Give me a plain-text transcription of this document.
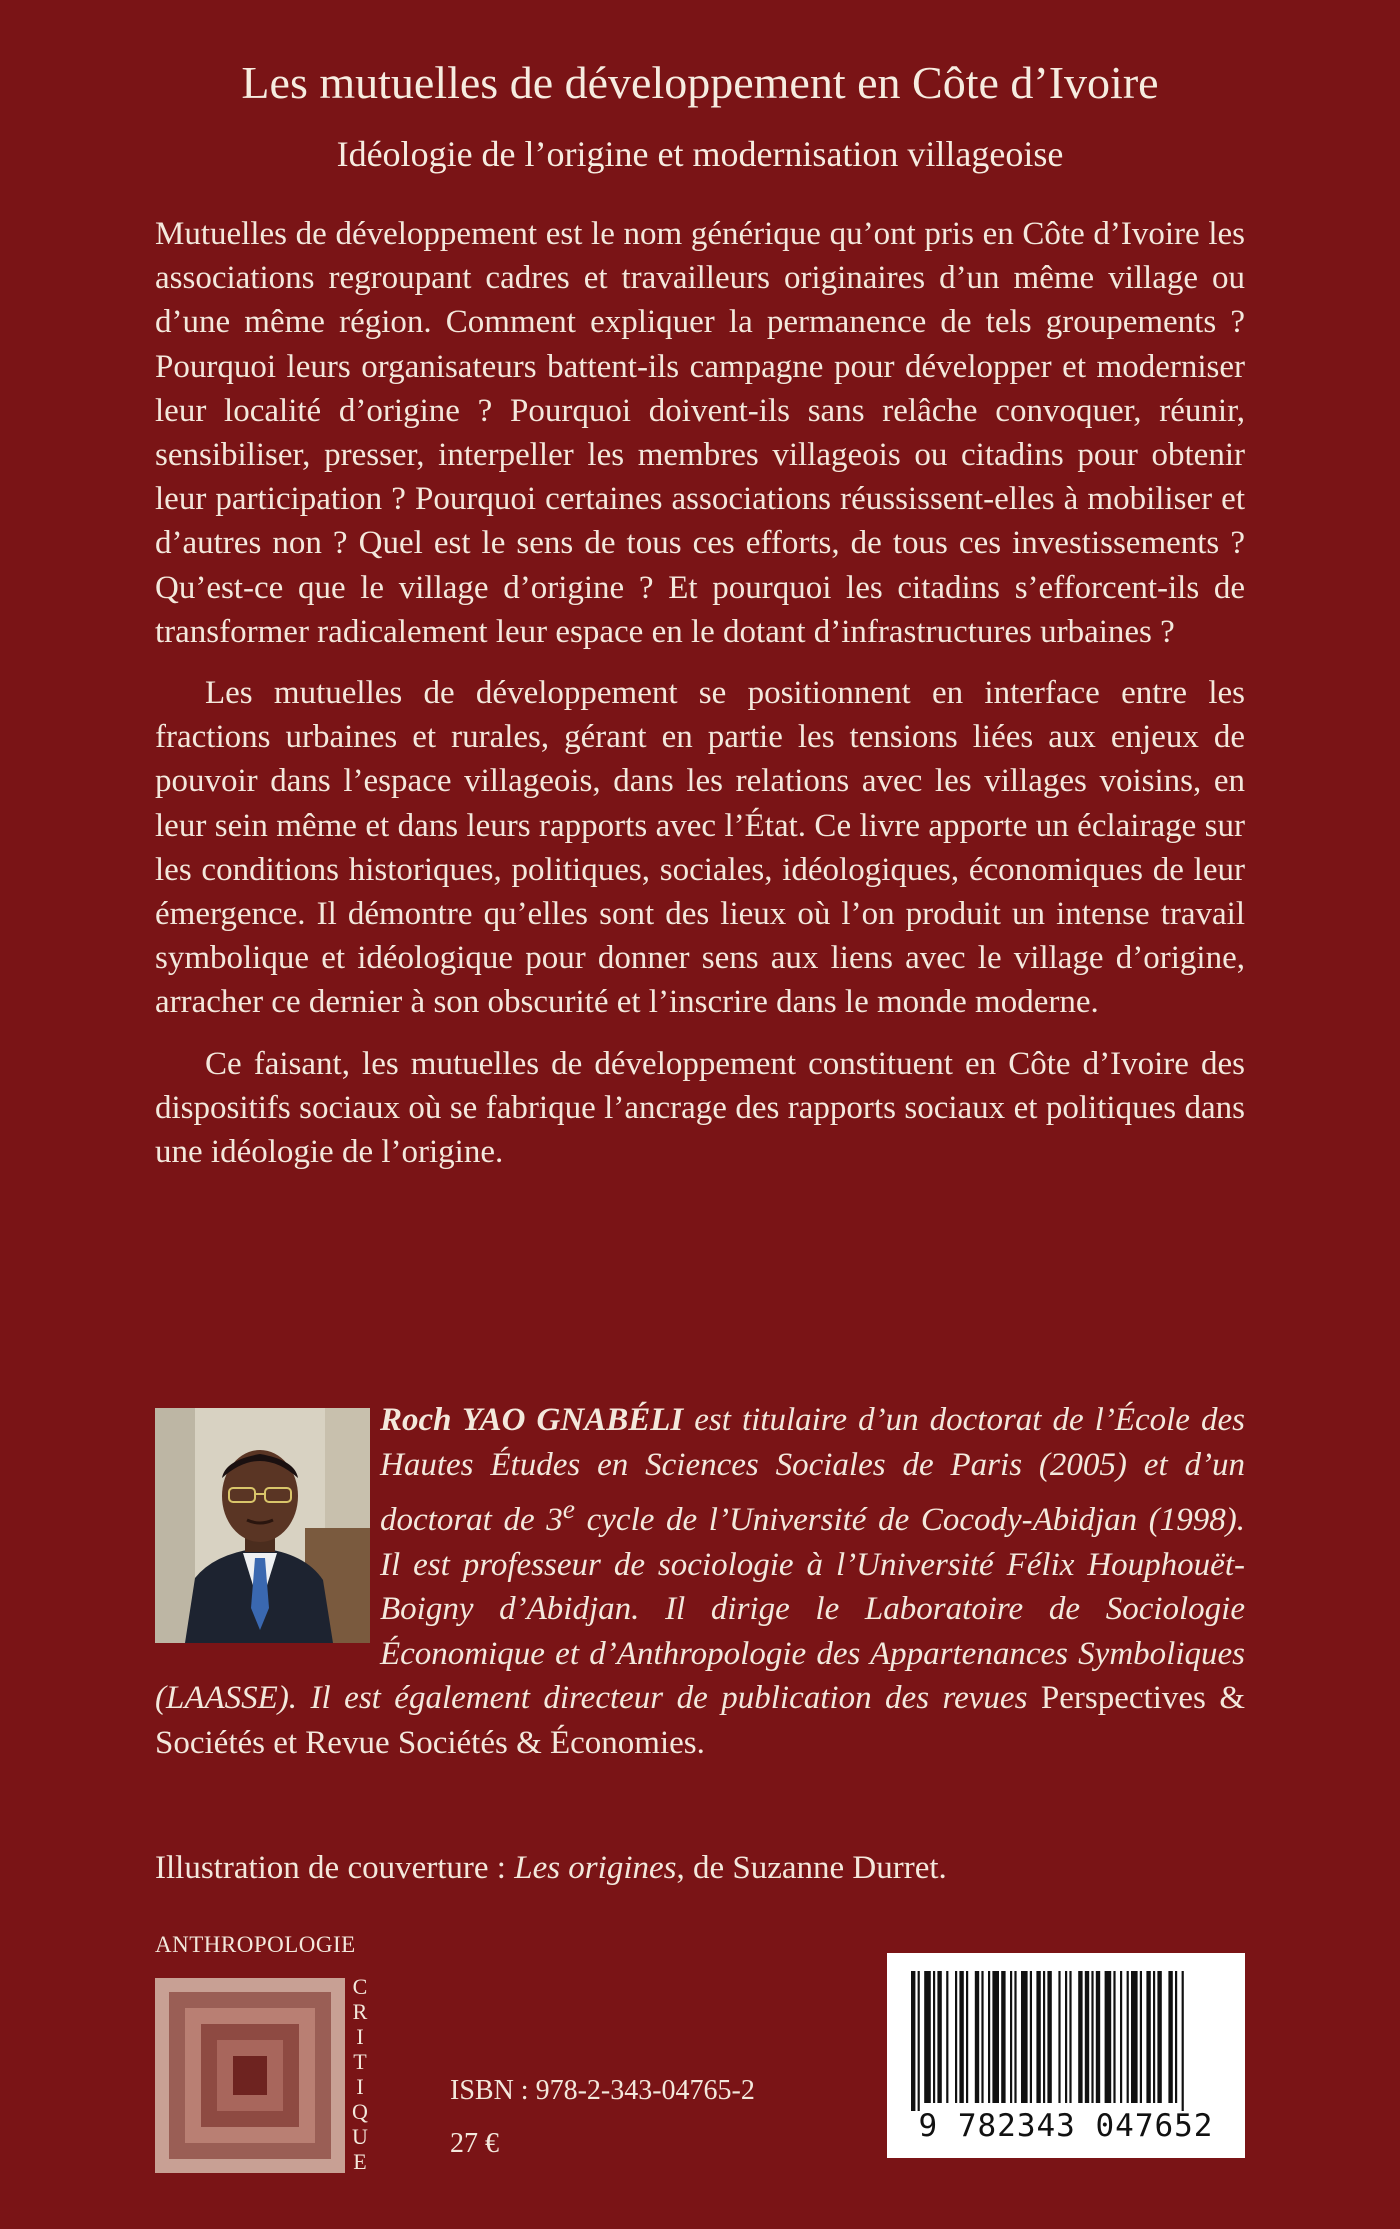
Les mutuelles de développement en Côte d’Ivoire
Idéologie de l’origine et modernisation villageoise

Mutuelles de développement est le nom générique qu’ont pris en Côte d’Ivoire les associations regroupant cadres et travailleurs originaires d’un même village ou d’une même région. Comment expliquer la permanence de tels groupements ? Pourquoi leurs organisateurs battent-ils campagne pour développer et moderniser leur localité d’origine ? Pourquoi doivent-ils sans relâche convoquer, réunir, sensibiliser, presser, interpeller les membres villageois ou citadins pour obtenir leur participation ? Pourquoi certaines associations réussissent-elles à mobiliser et d’autres non ? Quel est le sens de tous ces efforts, de tous ces investissements ? Qu’est-ce que le village d’origine ? Et pourquoi les citadins s’efforcent-ils de transformer radicalement leur espace en le dotant d’infrastructures urbaines ?

Les mutuelles de développement se positionnent en interface entre les fractions urbaines et rurales, gérant en partie les tensions liées aux enjeux de pouvoir dans l’espace villageois, dans les relations avec les villages voisins, en leur sein même et dans leurs rapports avec l’État. Ce livre apporte un éclairage sur les conditions historiques, politiques, sociales, idéologiques, économiques de leur émergence. Il démontre qu’elles sont des lieux où l’on produit un intense travail symbolique et idéologique pour donner sens aux liens avec le village d’origine, arracher ce dernier à son obscurité et l’inscrire dans le monde moderne.

Ce faisant, les mutuelles de développement constituent en Côte d’Ivoire des dispositifs sociaux où se fabrique l’ancrage des rapports sociaux et politiques dans une idéologie de l’origine.

Roch YAO GNABÉLI est titulaire d’un doctorat de l’École des Hautes Études en Sciences Sociales de Paris (2005) et d’un doctorat de 3e cycle de l’Université de Cocody-Abidjan (1998). Il est professeur de sociologie à l’Université Félix Houphouët-Boigny d’Abidjan. Il dirige le Laboratoire de Sociologie Économique et d’Anthropologie des Appartenances Symboliques (LAASSE). Il est également directeur de publication des revues Perspectives & Sociétés et Revue Sociétés & Économies.
Illustration de couverture : Les origines, de Suzanne Durret.
ANTHROPOLOGIE
C
R
I
T
I
Q
U
E
ISBN : 978-2-343-04765-2
27 €	9 782343 047652
